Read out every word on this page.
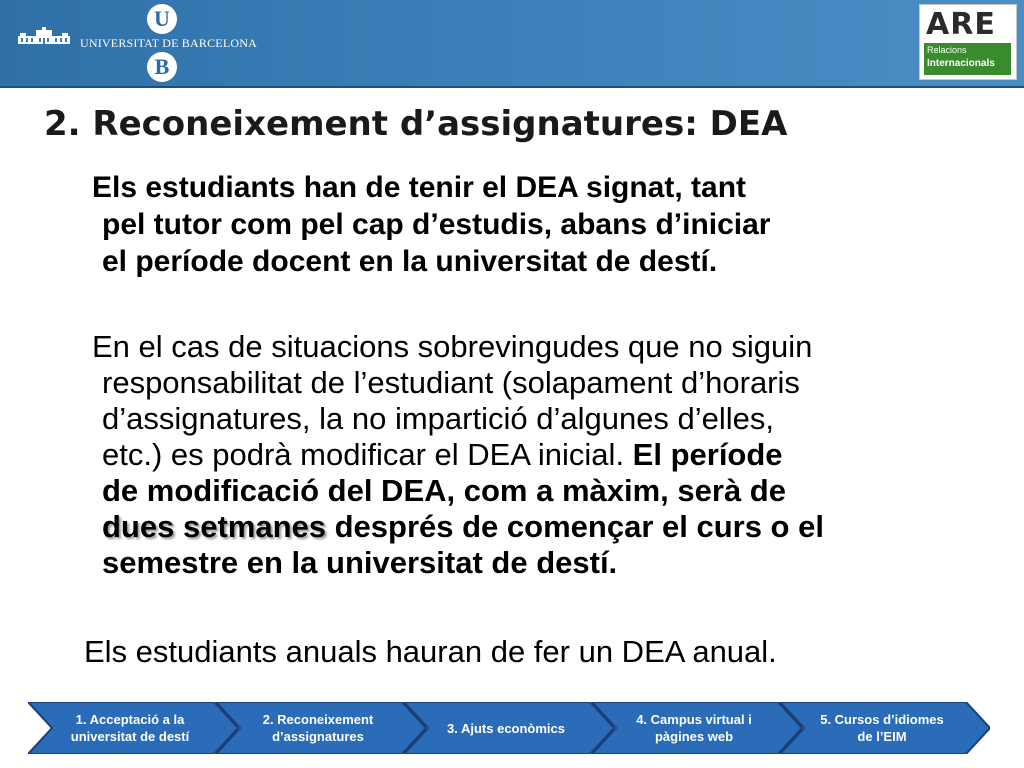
U
UNIVERSITAT DE BARCELONA
B
ARE
Relacions
Internacionals
2. Reconeixement d’assignatures: DEA

Els estudiants han de tenir el DEA signat, tant
pel tutor com pel cap d’estudis, abans d’iniciar
el període docent en la universitat de destí.

En el cas de situacions sobrevingudes que no siguin
responsabilitat de l’estudiant (solapament d’horaris
d’assignatures, la no impartició d’algunes d’elles,
etc.) es podrà modificar el DEA inicial. El període
de modificació del DEA, com a màxim, serà de
dues setmanes després de començar el curs o el
semestre en la universitat de destí.

Els estudiants anuals hauran de fer un DEA anual.

1. Acceptació a la
universitat de destí
2. Reconeixement
d’assignatures
3. Ajuts econòmics
4. Campus virtual i
pàgines web
5. Cursos d’idiomes
de l’EIM
